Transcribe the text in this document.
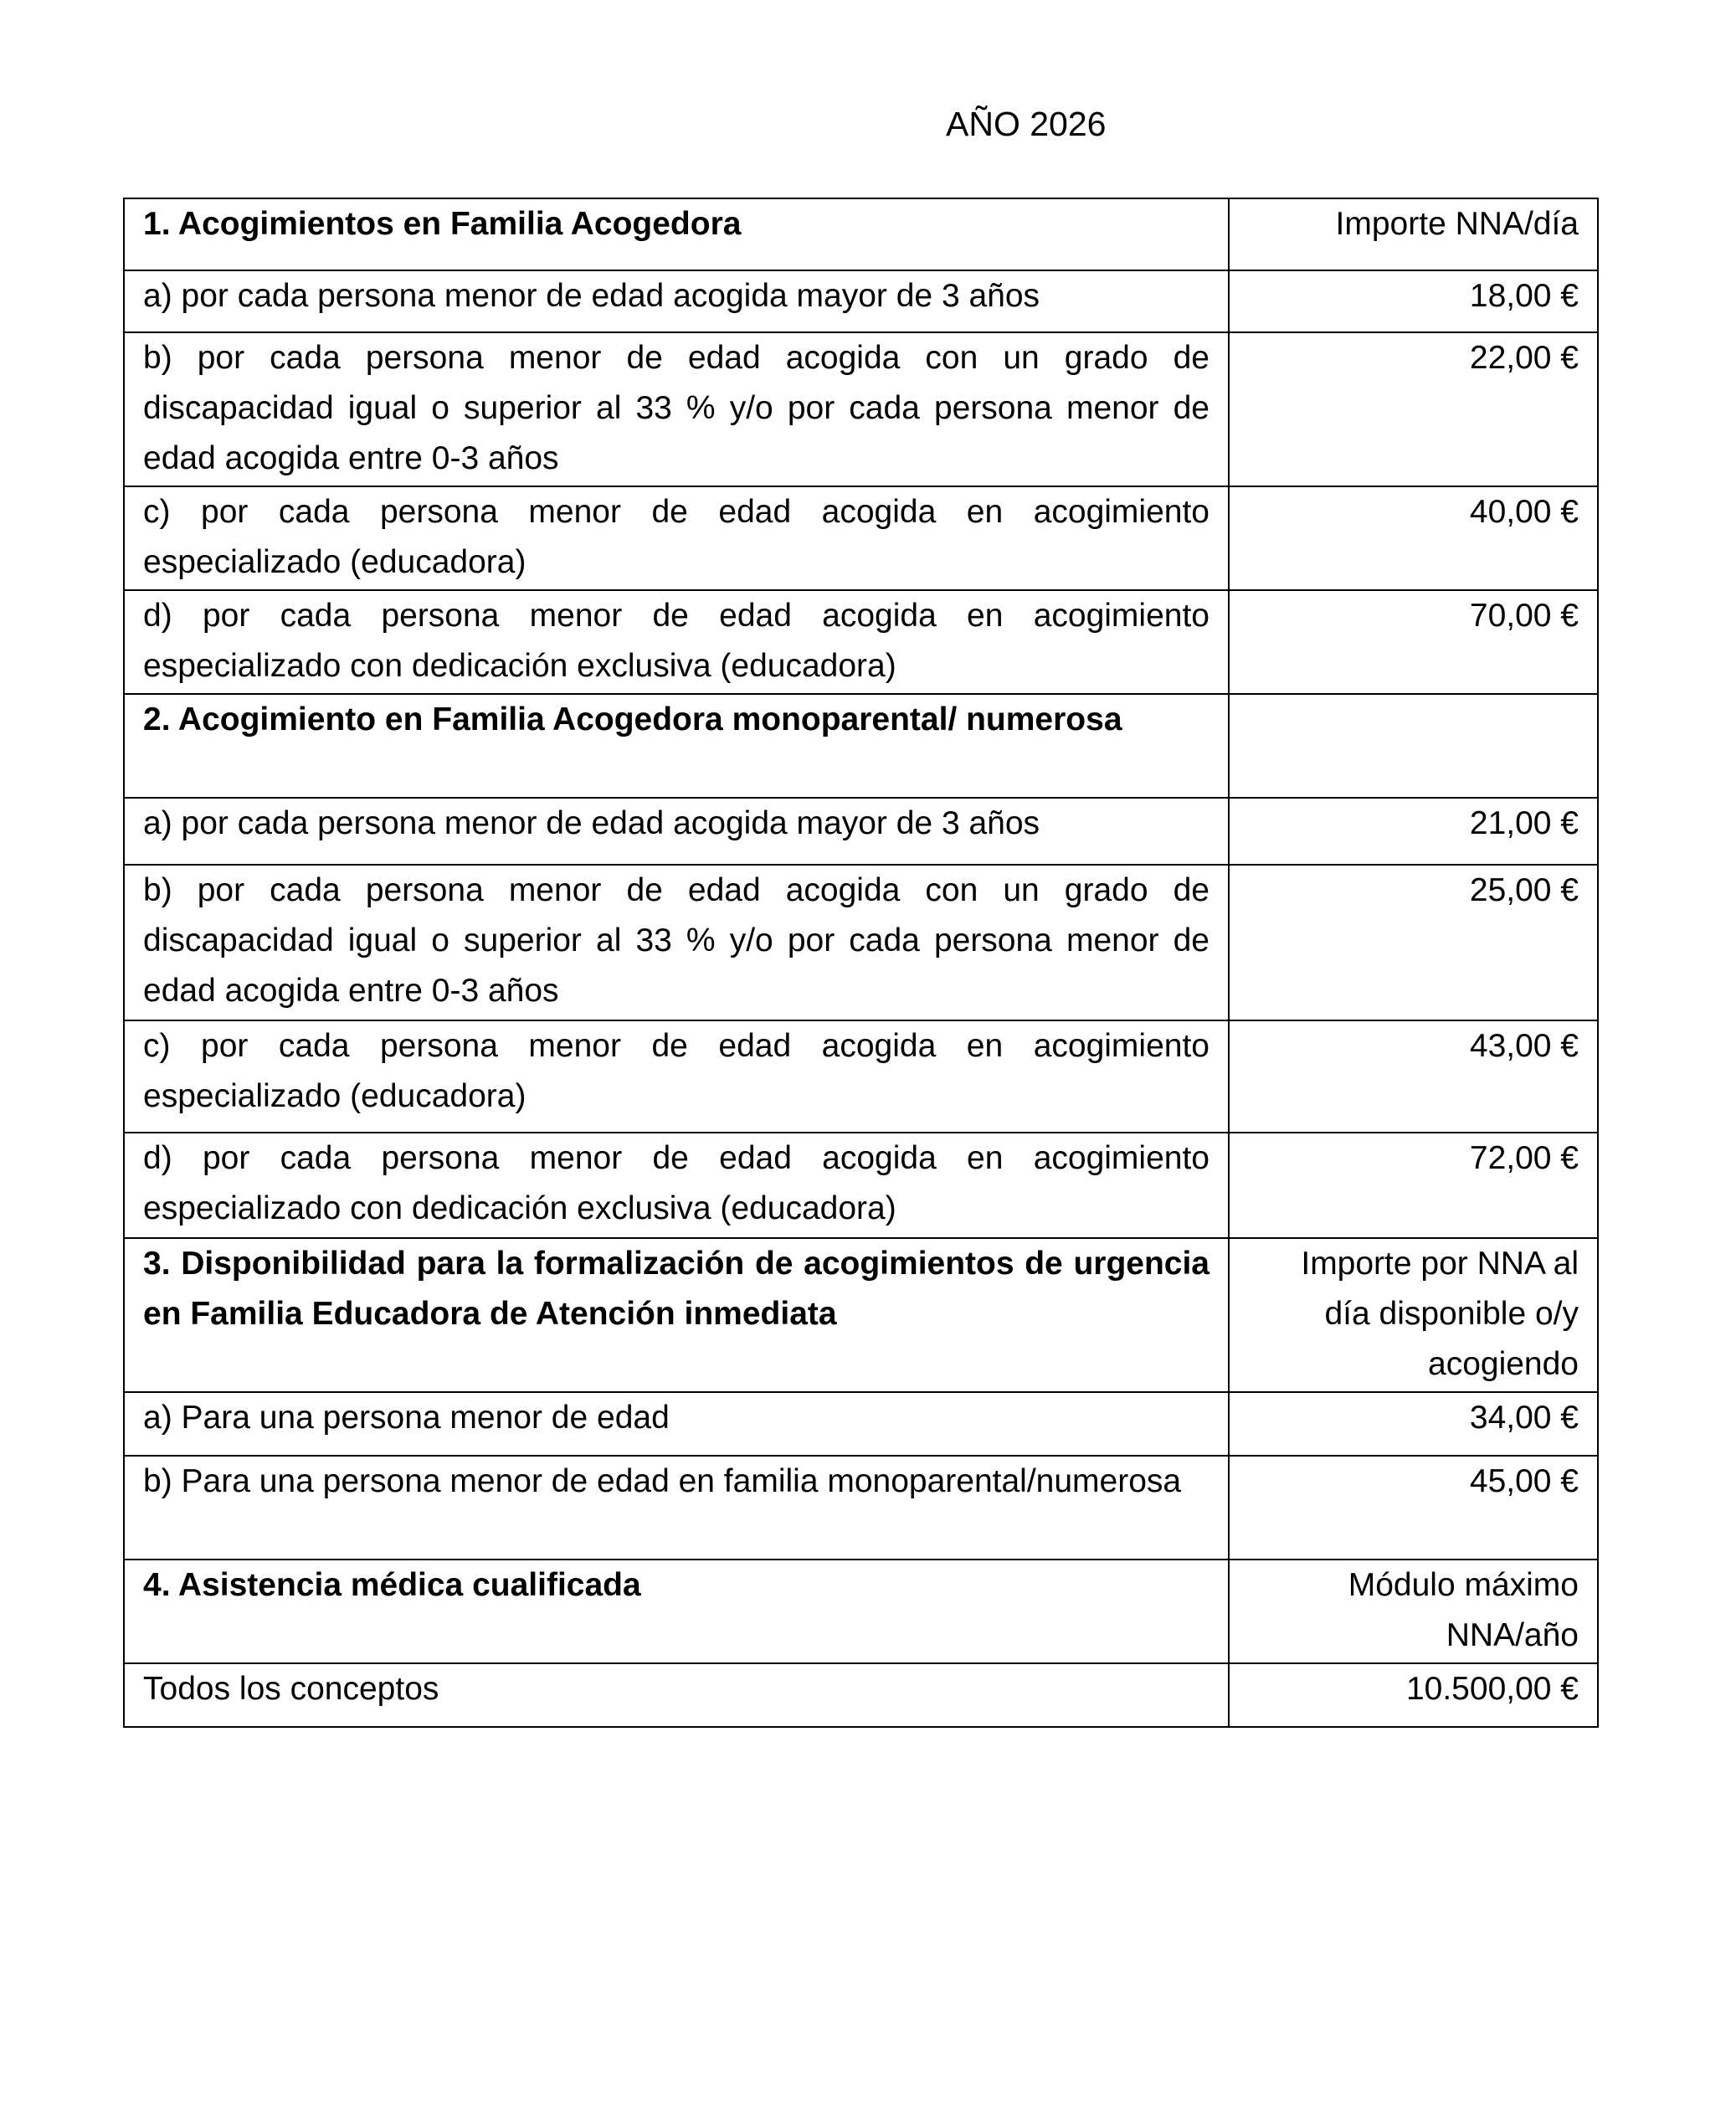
AÑO 2026
1. Acogimientos en Familia Acogedora	Importe NNA/día
a) por cada persona menor de edad acogida mayor de 3 años	18,00 €
b) por cada persona menor de edad acogida con un grado de discapacidad igual o superior al 33 % y/o por cada persona menor de edad acogida entre 0-3 años	22,00 €
c) por cada persona menor de edad acogida en acogimiento especializado (educadora)	40,00 €
d) por cada persona menor de edad acogida en acogimiento especializado con dedicación exclusiva (educadora)	70,00 €
2. Acogimiento en Familia Acogedora monoparental/ numerosa	
a) por cada persona menor de edad acogida mayor de 3 años	21,00 €
b) por cada persona menor de edad acogida con un grado de discapacidad igual o superior al 33 % y/o por cada persona menor de edad acogida entre 0-3 años	25,00 €
c) por cada persona menor de edad acogida en acogimiento especializado (educadora)	43,00 €
d) por cada persona menor de edad acogida en acogimiento especializado con dedicación exclusiva (educadora)	72,00 €
3. Disponibilidad para la formalización de acogimientos de urgencia en Familia Educadora de Atención inmediata	Importe por NNA al día disponible o/y acogiendo
a) Para una persona menor de edad	34,00 €
b) Para una persona menor de edad en familia monoparental/numerosa	45,00 €
4. Asistencia médica cualificada	Módulo máximo NNA/año
Todos los conceptos	10.500,00 €
